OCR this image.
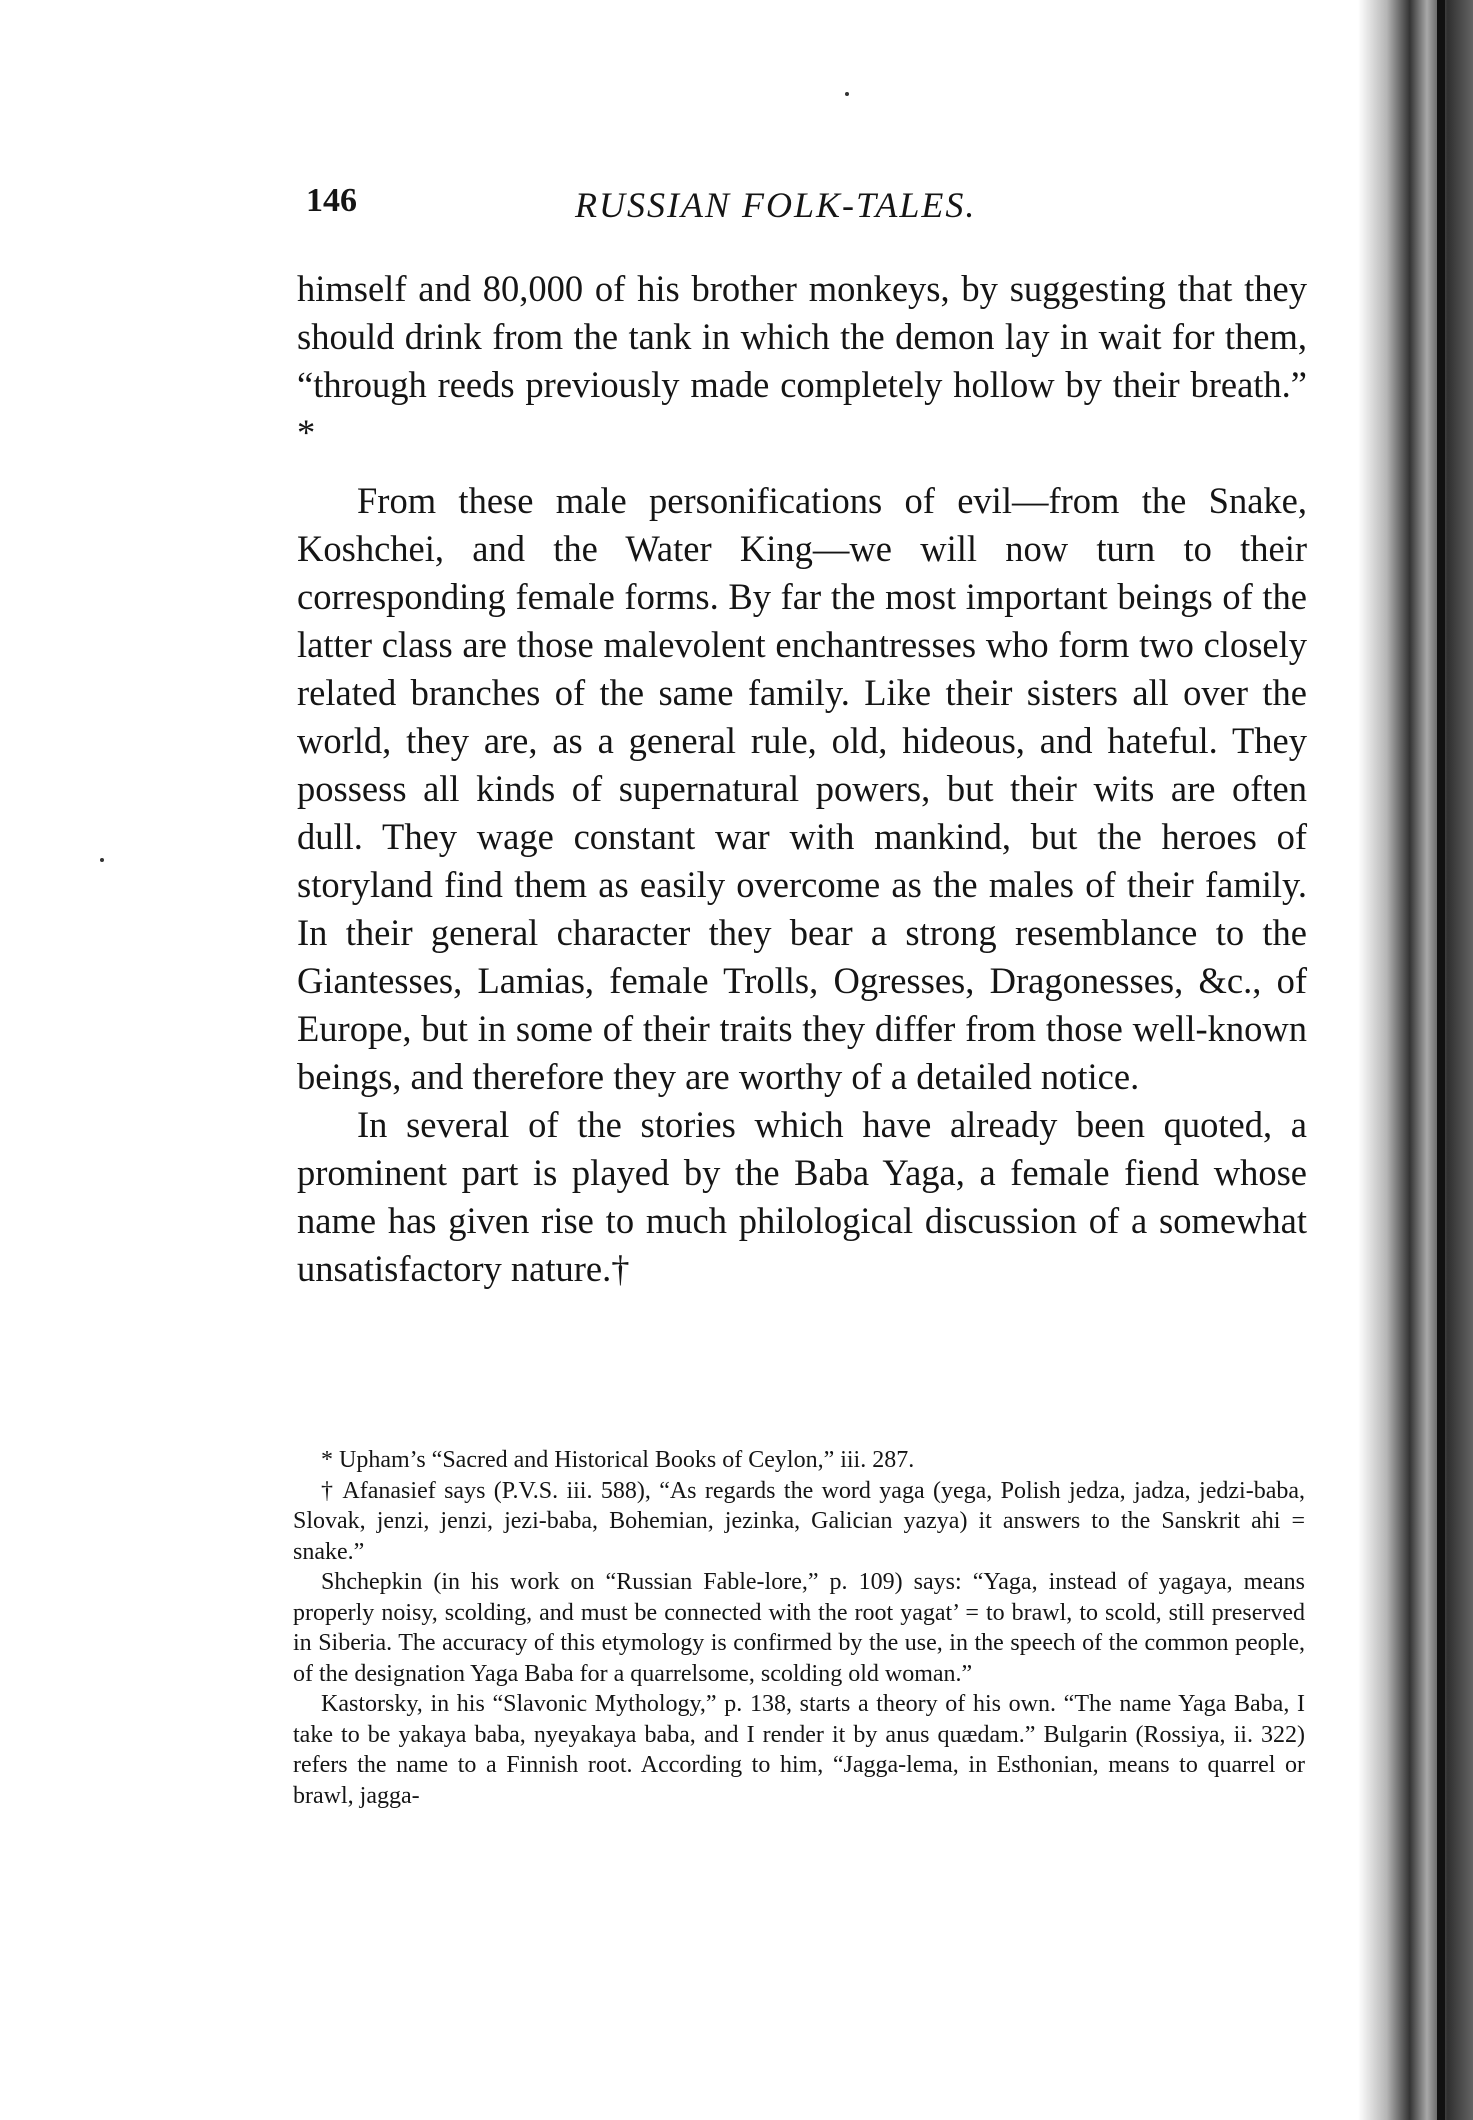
146	RUSSIAN FOLK-TALES.

himself and 80,000 of his brother monkeys, by suggesting that they should drink from the tank in which the demon lay in wait for them, “through reeds previously made completely hollow by their breath.” *

From these male personifications of evil—from the Snake, Koshchei, and the Water King—we will now turn to their corresponding female forms. By far the most important beings of the latter class are those malevolent enchantresses who form two closely related branches of the same family. Like their sisters all over the world, they are, as a general rule, old, hideous, and hateful. They possess all kinds of supernatural powers, but their wits are often dull. They wage constant war with mankind, but the heroes of storyland find them as easily overcome as the males of their family. In their general character they bear a strong resemblance to the Giantesses, Lamias, female Trolls, Ogresses, Dragonesses, &c., of Europe, but in some of their traits they differ from those well-known beings, and therefore they are worthy of a detailed notice.

In several of the stories which have already been quoted, a prominent part is played by the Baba Yaga, a female fiend whose name has given rise to much philological discussion of a somewhat unsatisfactory nature.†

* Upham’s “Sacred and Historical Books of Ceylon,” iii. 287.

† Afanasief says (P.V.S. iii. 588), “As regards the word yaga (yega, Polish jedza, jadza, jedzi-baba, Slovak, jenzi, jenzi, jezi-baba, Bohemian, jezinka, Galician yazya) it answers to the Sanskrit ahi = snake.”

Shchepkin (in his work on “Russian Fable-lore,” p. 109) says: “Yaga, instead of yagaya, means properly noisy, scolding, and must be connected with the root yagat’ = to brawl, to scold, still preserved in Siberia. The accuracy of this etymology is confirmed by the use, in the speech of the common people, of the designation Yaga Baba for a quarrelsome, scolding old woman.”

Kastorsky, in his “Slavonic Mythology,” p. 138, starts a theory of his own. “The name Yaga Baba, I take to be yakaya baba, nyeyakaya baba, and I render it by anus quædam.” Bulgarin (Rossiya, ii. 322) refers the name to a Finnish root. According to him, “Jagga-lema, in Esthonian, means to quarrel or brawl, jagga-
